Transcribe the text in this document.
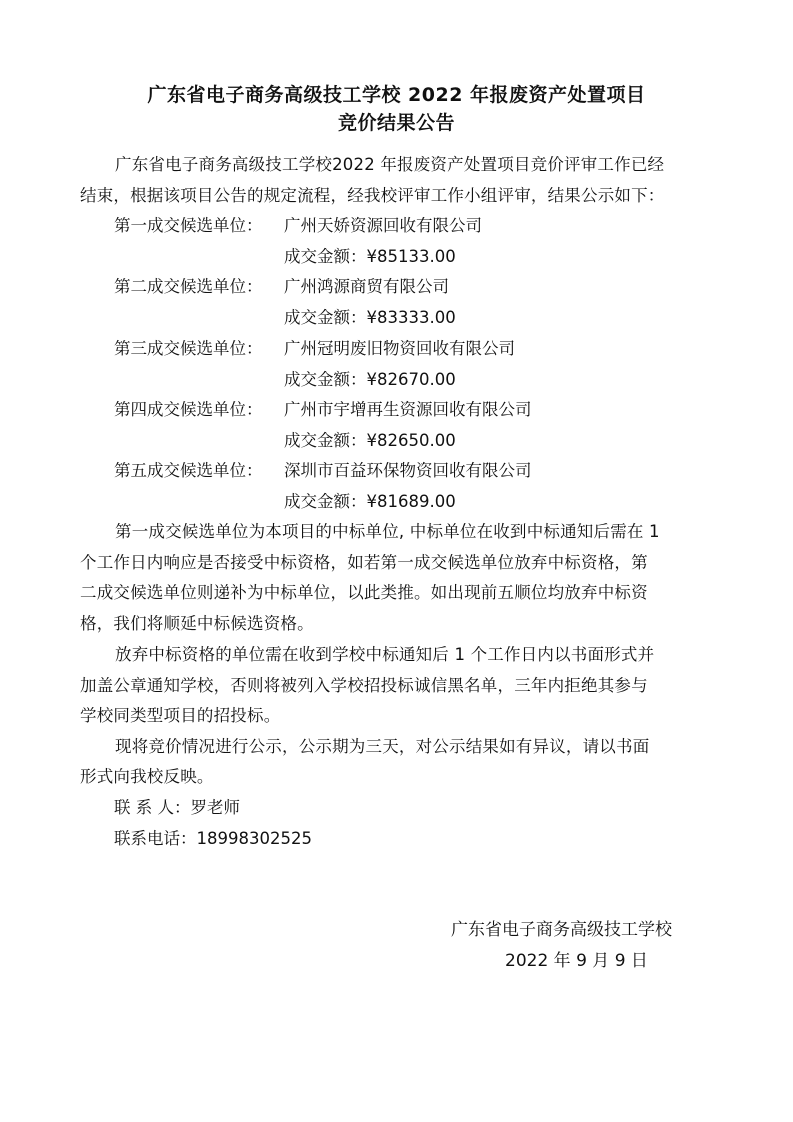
广东省电子商务高级技工学校 2022 年报废资产处置项目
竞价结果公告
广东省电子商务高级技工学校2022 年报废资产处置项目竞价评审工作已经
结束，根据该项目公告的规定流程，经我校评审工作小组评审，结果公示如下：
第一成交候选单位： 广州天娇资源回收有限公司
成交金额：¥85133.00
第二成交候选单位： 广州鸿源商贸有限公司
成交金额：¥83333.00
第三成交候选单位： 广州冠明废旧物资回收有限公司
成交金额：¥82670.00
第四成交候选单位： 广州市宇增再生资源回收有限公司
成交金额：¥82650.00
第五成交候选单位： 深圳市百益环保物资回收有限公司
成交金额：¥81689.00
第一成交候选单位为本项目的中标单位, 中标单位在收到中标通知后需在 1
个工作日内响应是否接受中标资格，如若第一成交候选单位放弃中标资格，第
二成交候选单位则递补为中标单位，以此类推。如出现前五顺位均放弃中标资
格，我们将顺延中标候选资格。
放弃中标资格的单位需在收到学校中标通知后 1 个工作日内以书面形式并
加盖公章通知学校，否则将被列入学校招投标诚信黑名单，三年内拒绝其参与
学校同类型项目的招投标。
现将竞价情况进行公示，公示期为三天，对公示结果如有异议，请以书面
形式向我校反映。
联 系 人：罗老师
联系电话：18998302525
广东省电子商务高级技工学校
2022 年 9 月 9 日
